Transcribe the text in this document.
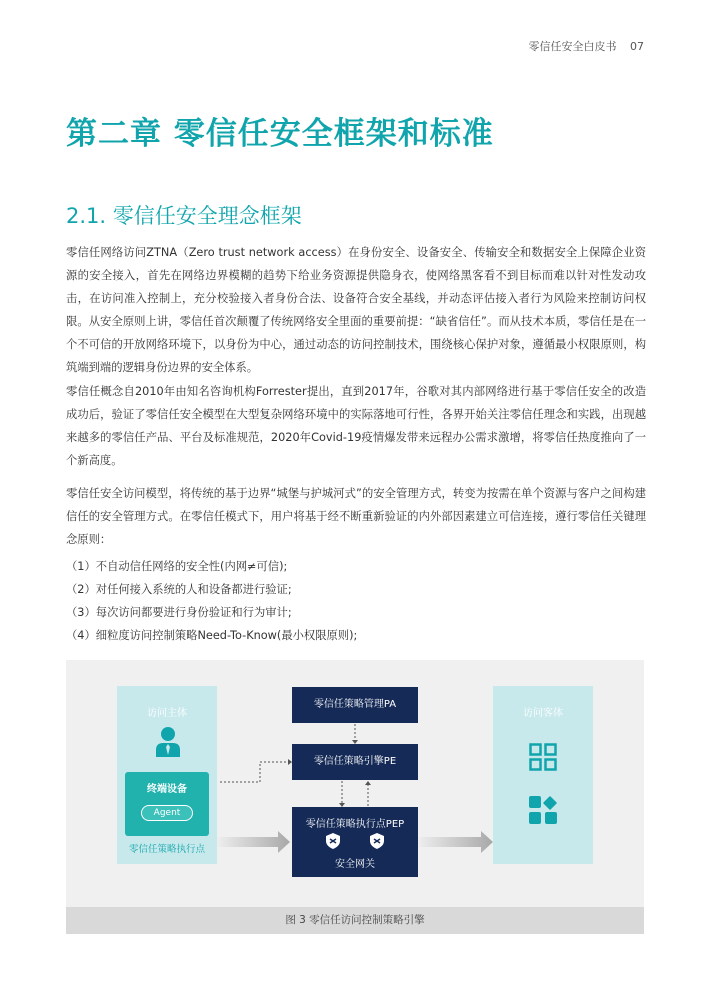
零信任安全白皮书 07
第二章 零信任安全框架和标准
2.1. 零信任安全理念框架

零信任网络访问ZTNA（Zero trust network access）在身份安全、设备安全、传输安全和数据安全上保障企业资源的安全接入，首先在网络边界模糊的趋势下给业务资源提供隐身衣，使网络黑客看不到目标而难以针对性发动攻击，在访问准入控制上，充分校验接入者身份合法、设备符合安全基线，并动态评估接入者行为风险来控制访问权限。从安全原则上讲，零信任首次颠覆了传统网络安全里面的重要前提：“缺省信任”。而从技术本质，零信任是在一个不可信的开放网络环境下，以身份为中心，通过动态的访问控制技术，围绕核心保护对象，遵循最小权限原则，构筑端到端的逻辑身份边界的安全体系。

零信任概念自2010年由知名咨询机构Forrester提出，直到2017年，谷歌对其内部网络进行基于零信任安全的改造成功后，验证了零信任安全模型在大型复杂网络环境中的实际落地可行性，各界开始关注零信任理念和实践，出现越来越多的零信任产品、平台及标准规范，2020年Covid-19疫情爆发带来远程办公需求激增，将零信任热度推向了一个新高度。

零信任安全访问模型，将传统的基于边界“城堡与护城河式”的安全管理方式，转变为按需在单个资源与客户之间构建信任的安全管理方式。在零信任模式下，用户将基于经不断重新验证的内外部因素建立可信连接，遵行零信任关键理念原则：

（1）不自动信任网络的安全性(内网≠可信);
（2）对任何接入系统的人和设备都进行验证;
（3）每次访问都要进行身份验证和行为审计;
（4）细粒度访问控制策略Need-To-Know(最小权限原则);
访问主体
终端设备
Agent
零信任策略执行点
零信任策略管理PA
零信任策略引擎PE
零信任策略执行点PEP
安全网关
访问客体
图 3 零信任访问控制策略引擎
